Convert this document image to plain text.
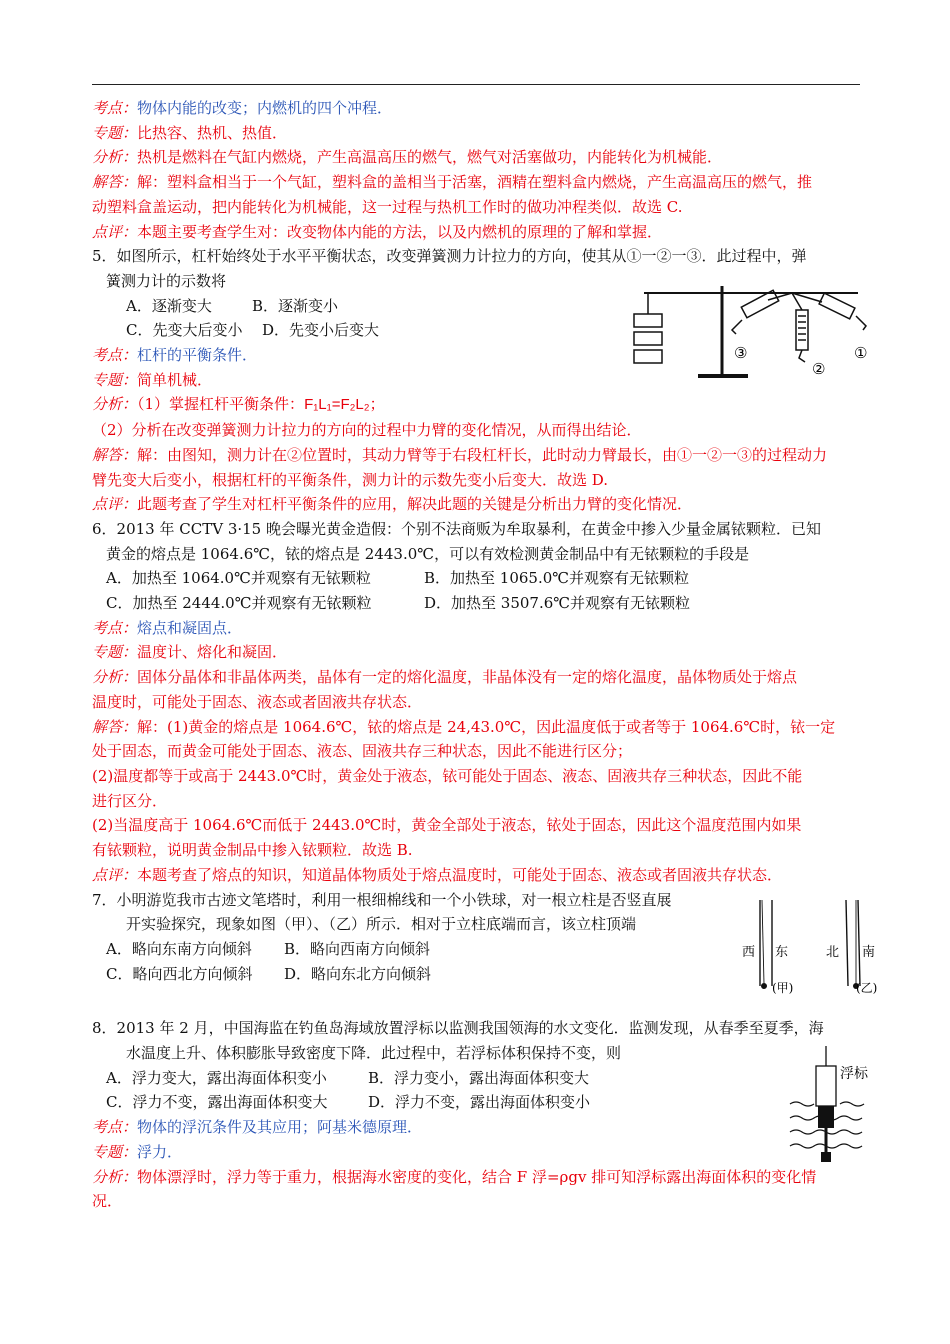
考点：物体内能的改变；内燃机的四个冲程．
专题：比热容、热机、热值．
分析：热机是燃料在气缸内燃烧，产生高温高压的燃气，燃气对活塞做功，内能转化为机械能．
解答：解：塑料盒相当于一个气缸，塑料盒的盖相当于活塞，酒精在塑料盒内燃烧，产生高温高压的燃气，推
动塑料盒盖运动，把内能转化为机械能，这一过程与热机工作时的做功冲程类似．故选 C.
点评：本题主要考查学生对：改变物体内能的方法，以及内燃机的原理的了解和掌握．
5．如图所示，杠杆始终处于水平平衡状态，改变弹簧测力计拉力的方向，使其从①一②一③．此过程中，弹
簧测力计的示数将
A．逐渐变大	B．逐渐变小
C．先变大后变小 D．先变小后变大
考点：杠杆的平衡条件．
专题：简单机械．
分析：（1）掌握杠杆平衡条件：F₁L₁=F₂L₂；
（2）分析在改变弹簧测力计拉力的方向的过程中力臂的变化情况，从而得出结论．
解答：解：由图知，测力计在②位置时，其动力臂等于右段杠杆长，此时动力臂最长，由①一②一③的过程动力
臂先变大后变小，根据杠杆的平衡条件，测力计的示数先变小后变大．故选 D.
点评：此题考查了学生对杠杆平衡条件的应用，解决此题的关键是分析出力臂的变化情况．
6．2013 年 CCTV 3·15 晚会曝光黄金造假：个别不法商贩为牟取暴利，在黄金中掺入少量金属铱颗粒．已知
黄金的熔点是 1064.6℃，铱的熔点是 2443.0℃，可以有效检测黄金制品中有无铱颗粒的手段是
A．加热至 1064.0℃并观察有无铱颗粒	B．加热至 1065.0℃并观察有无铱颗粒
C．加热至 2444.0℃并观察有无铱颗粒	D．加热至 3507.6℃并观察有无铱颗粒
考点：熔点和凝固点．
专题：温度计、熔化和凝固．
分析：固体分晶体和非晶体两类，晶体有一定的熔化温度，非晶体没有一定的熔化温度，晶体物质处于熔点
温度时，可能处于固态、液态或者固液共存状态．
解答：解：(1)黄金的熔点是 1064.6℃，铱的熔点是 24,43.0℃，因此温度低于或者等于 1064.6℃时，铱一定
处于固态，而黄金可能处于固态、液态、固液共存三种状态，因此不能进行区分；
(2)温度都等于或高于 2443.0℃时，黄金处于液态，铱可能处于固态、液态、固液共存三种状态，因此不能
进行区分．
(2)当温度高于 1064.6℃而低于 2443.0℃时，黄金全部处于液态，铱处于固态，因此这个温度范围内如果
有铱颗粒，说明黄金制品中掺入铱颗粒．故选 B.
点评：本题考查了熔点的知识，知道晶体物质处于熔点温度时，可能处于固态、液态或者固液共存状态．
7．小明游览我市古迹文笔塔时，利用一根细棉线和一个小铁球，对一根立柱是否竖直展
开实验探究，现象如图（甲）、（乙）所示．相对于立柱底端而言，该立柱顶端
A．略向东南方向倾斜 B．略向西南方向倾斜
C．略向西北方向倾斜 D．略向东北方向倾斜
8．2013 年 2 月，中国海监在钓鱼岛海域放置浮标以监测我国领海的水文变化．监测发现，从春季至夏季，海
水温度上升、体积膨胀导致密度下降．此过程中，若浮标体积保持不变，则
A．浮力变大，露出海面体积变小	B．浮力变小，露出海面体积变大
C．浮力不变，露出海面体积变大	D．浮力不变，露出海面体积变小
考点：物体的浮沉条件及其应用；阿基米德原理．
专题：浮力．
分析：物体漂浮时，浮力等于重力，根据海水密度的变化，结合 F 浮=ρgv 排可知浮标露出海面体积的变化情
况．
③
②
①
西 东	北 南
(甲)	(乙)
浮标
